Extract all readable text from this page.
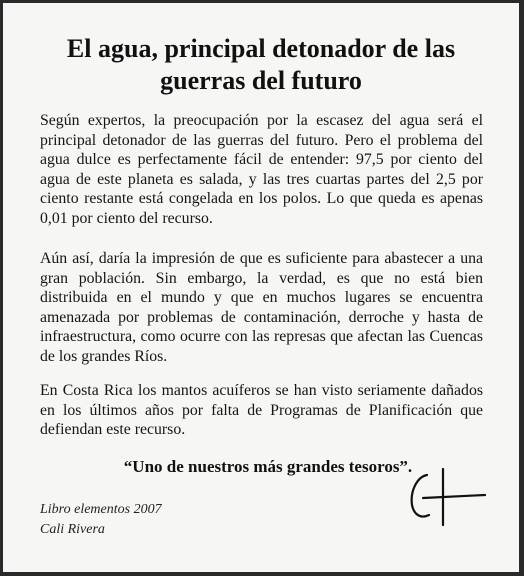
El agua, principal detonador de las guerras del futuro

Según expertos, la preocupación por la escasez del agua será el principal detonador de las guerras del futuro. Pero el problema del agua dulce es perfectamente fácil de entender: 97,5 por ciento del agua de este planeta es salada, y las tres cuartas partes del 2,5 por ciento restante está congelada en los polos. Lo que queda es apenas 0,01 por ciento del recurso.

Aún así, daría la impresión de que es suficiente para abastecer a una gran población. Sin embargo, la verdad, es que no está bien distribuida en el mundo y que en muchos lugares se encuentra amenazada por problemas de contaminación, derroche y hasta de infraestructura, como ocurre con las represas que afectan las Cuencas de los grandes Ríos.

En Costa Rica los mantos acuíferos se han visto seriamente dañados en los últimos años por falta de Programas de Planificación que defiendan este recurso.

“Uno de nuestros más grandes tesoros”.

Libro elementos 2007
Cali Rivera
